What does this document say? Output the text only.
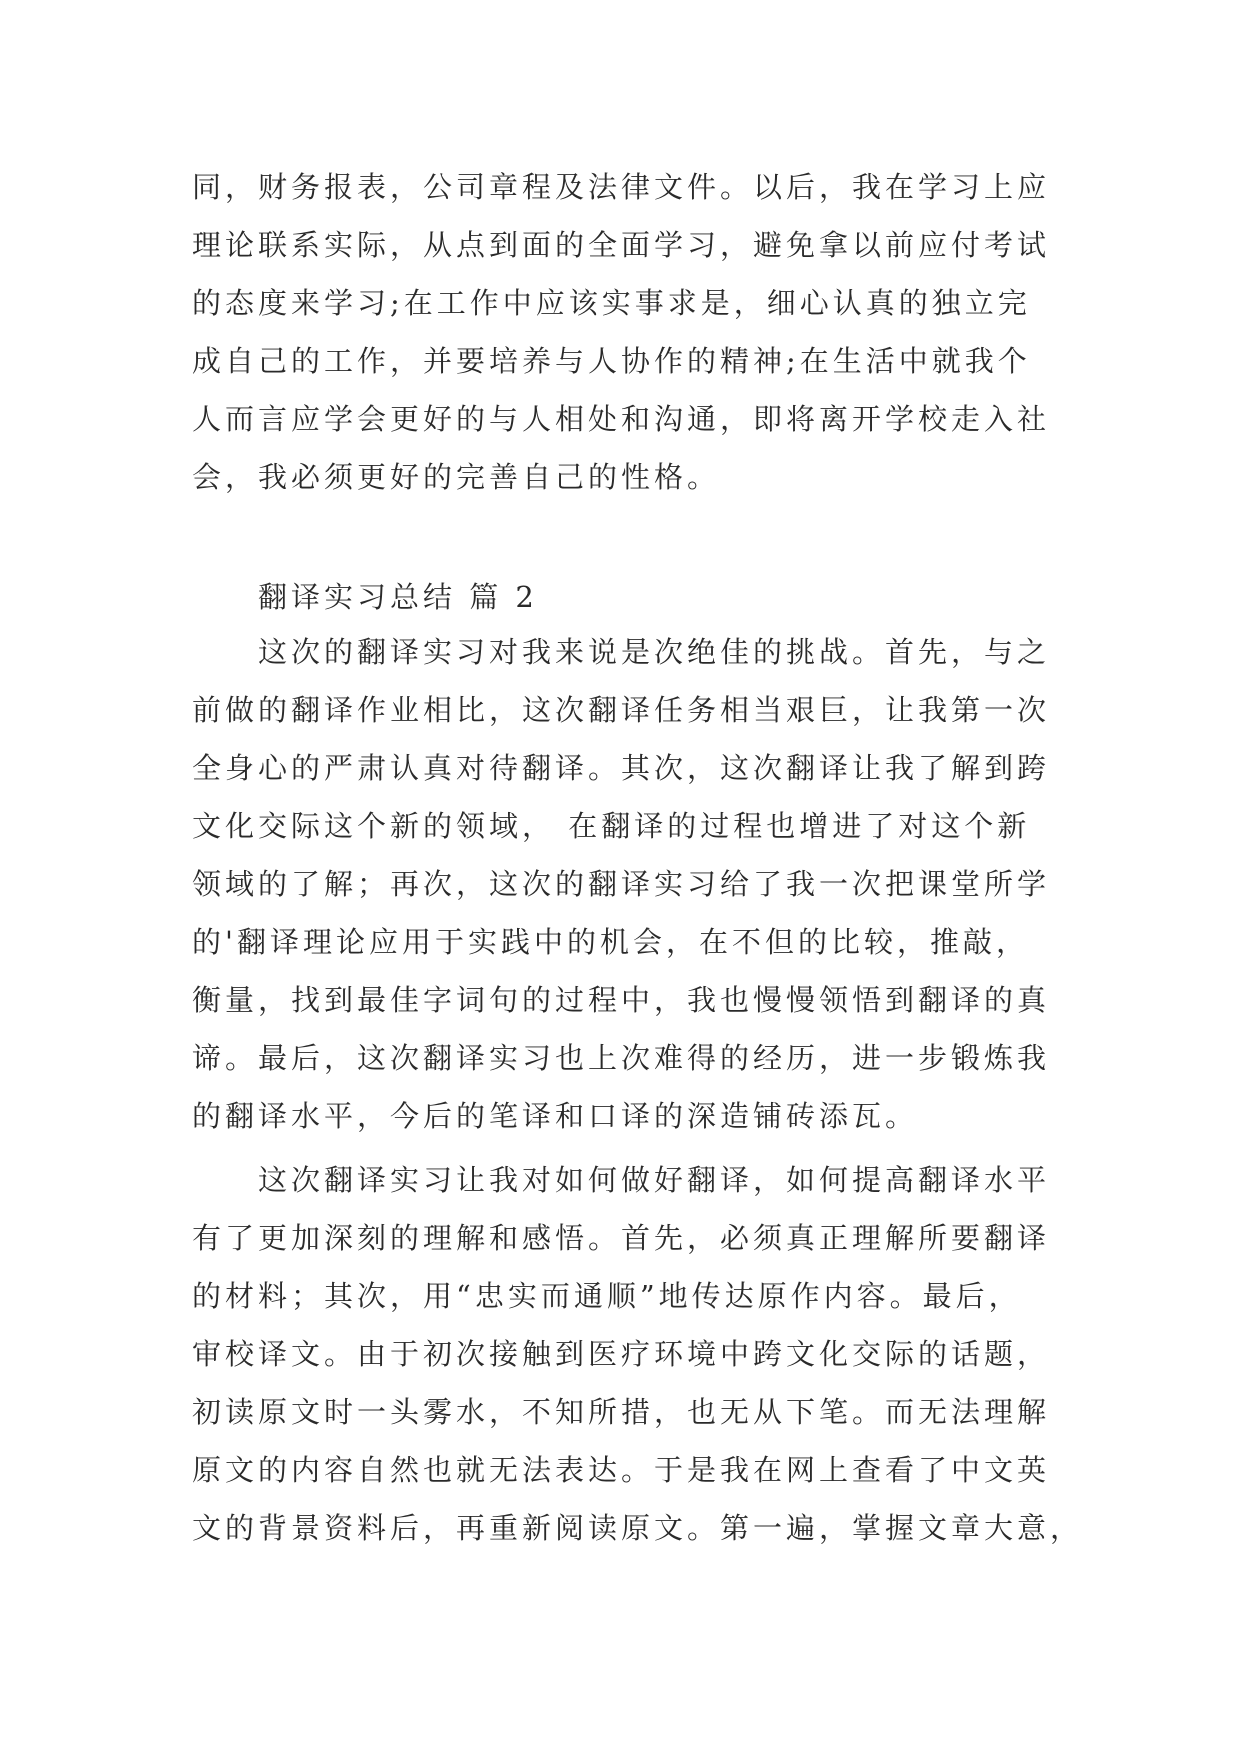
同，财务报表，公司章程及法律文件。以后，我在学习上应
理论联系实际，从点到面的全面学习，避免拿以前应付考试
的态度来学习;在工作中应该实事求是，细心认真的独立完
成自己的工作，并要培养与人协作的精神;在生活中就我个
人而言应学会更好的与人相处和沟通，即将离开学校走入社
会，我必须更好的完善自己的性格。
翻译实习总结 篇 2
这次的翻译实习对我来说是次绝佳的挑战。首先，与之
前做的翻译作业相比，这次翻译任务相当艰巨，让我第一次
全身心的严肃认真对待翻译。其次，这次翻译让我了解到跨
文化交际这个新的领域， 在翻译的过程也增进了对这个新
领域的了解；再次，这次的翻译实习给了我一次把课堂所学
的'翻译理论应用于实践中的机会，在不但的比较，推敲，
衡量，找到最佳字词句的过程中，我也慢慢领悟到翻译的真
谛。最后，这次翻译实习也上次难得的经历，进一步锻炼我
的翻译水平，今后的笔译和口译的深造铺砖添瓦。
这次翻译实习让我对如何做好翻译，如何提高翻译水平
有了更加深刻的理解和感悟。首先，必须真正理解所要翻译
的材料；其次，用“忠实而通顺”地传达原作内容。最后，
审校译文。由于初次接触到医疗环境中跨文化交际的话题，
初读原文时一头雾水，不知所措，也无从下笔。而无法理解
原文的内容自然也就无法表达。于是我在网上查看了中文英
文的背景资料后，再重新阅读原文。第一遍，掌握文章大意，
